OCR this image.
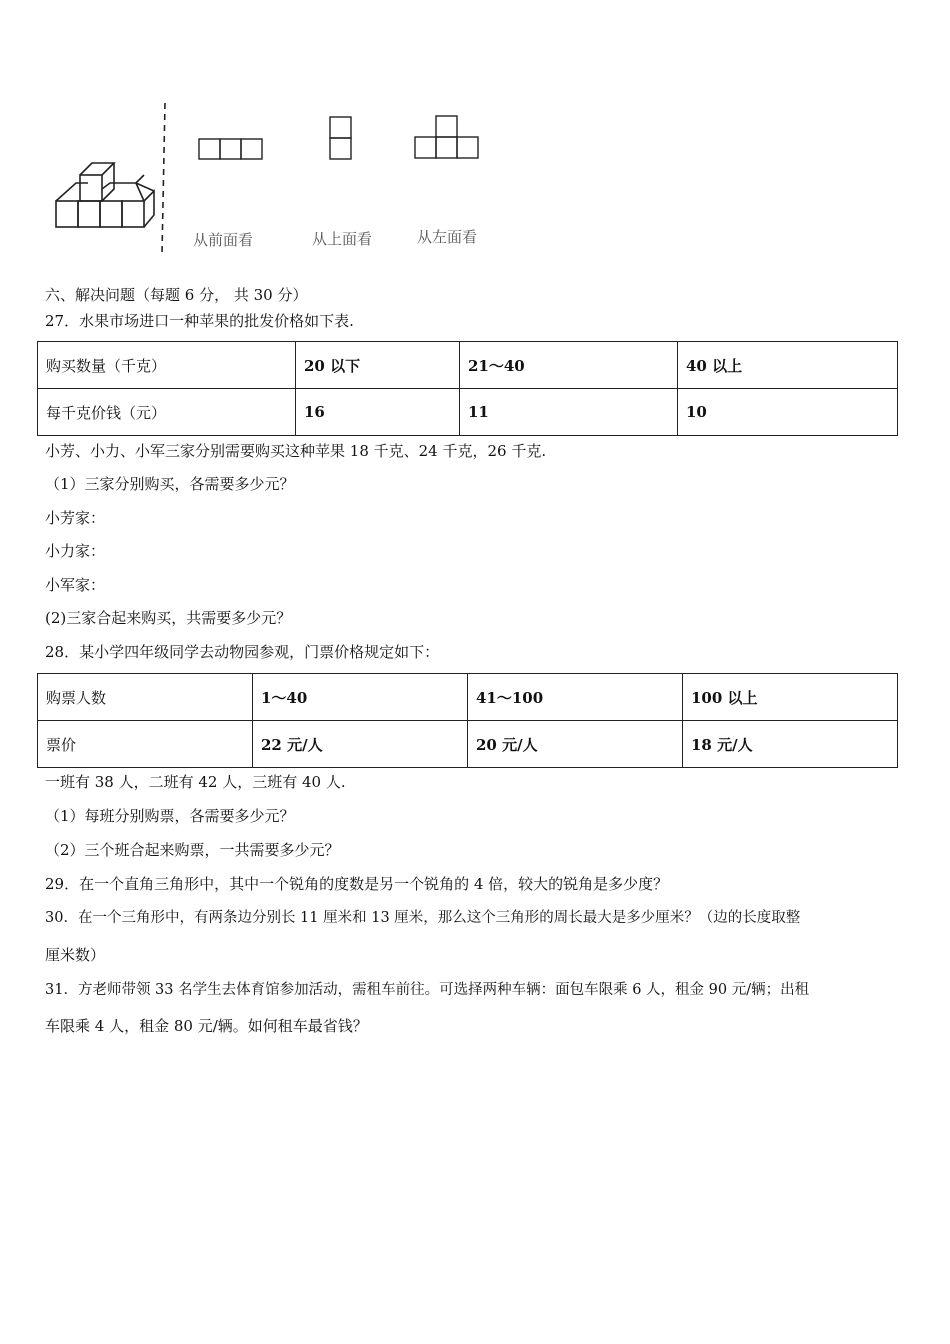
从前面看	从上面看	从左面看
六、解决问题（每题 6 分， 共 30 分）
27．水果市场进口一种苹果的批发价格如下表.
购买数量（千克）	20 以下	21～40	40 以上
每千克价钱（元）	16	11	10
小芳、小力、小军三家分别需要购买这种苹果 18 千克、24 千克，26 千克.
（1）三家分别购买，各需要多少元？
小芳家：
小力家：
小军家：
(2)三家合起来购买，共需要多少元？
28．某小学四年级同学去动物园参观，门票价格规定如下：
购票人数	1～40	41～100	100 以上
票价	22 元/人	20 元/人	18 元/人
一班有 38 人，二班有 42 人，三班有 40 人.
（1）每班分别购票，各需要多少元？
（2）三个班合起来购票，一共需要多少元？
29．在一个直角三角形中，其中一个锐角的度数是另一个锐角的 4 倍，较大的锐角是多少度？
30．在一个三角形中，有两条边分别长 11 厘米和 13 厘米，那么这个三角形的周长最大是多少厘米？（边的长度取整
厘米数）
31．方老师带领 33 名学生去体育馆参加活动，需租车前往。可选择两种车辆：面包车限乘 6 人，租金 90 元/辆；出租
车限乘 4 人，租金 80 元/辆。如何租车最省钱？
